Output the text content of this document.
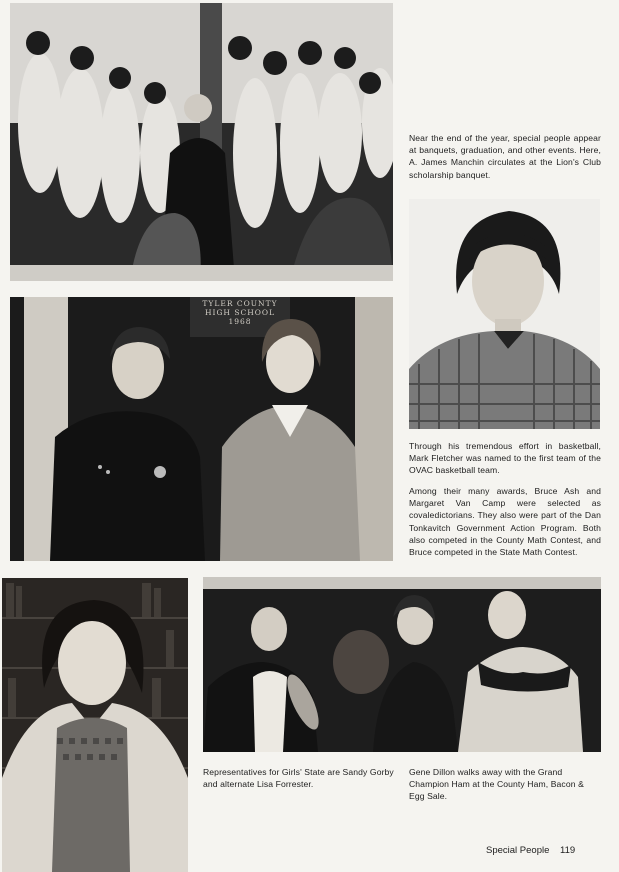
TYLER COUNTY
HIGH SCHOOL
1968

Near the end of the year, special people appear at banquets, graduation, and other events. Here, A. James Manchin circulates at the Lion's Club scholarship banquet.

Through his tremendous effort in basketball, Mark Fletcher was named to the first team of the OVAC basketball team.

Among their many awards, Bruce Ash and Margaret Van Camp were selected as covaledictorians. They also were part of the Dan Tonkavitch Government Action Program. Both also competed in the County Math Contest, and Bruce competed in the State Math Contest.

Representatives for Girls' State are Sandy Gorby and alternate Lisa Forrester.

Gene Dillon walks away with the Grand Champion Ham at the County Ham, Bacon & Egg Sale.

Special People 119
